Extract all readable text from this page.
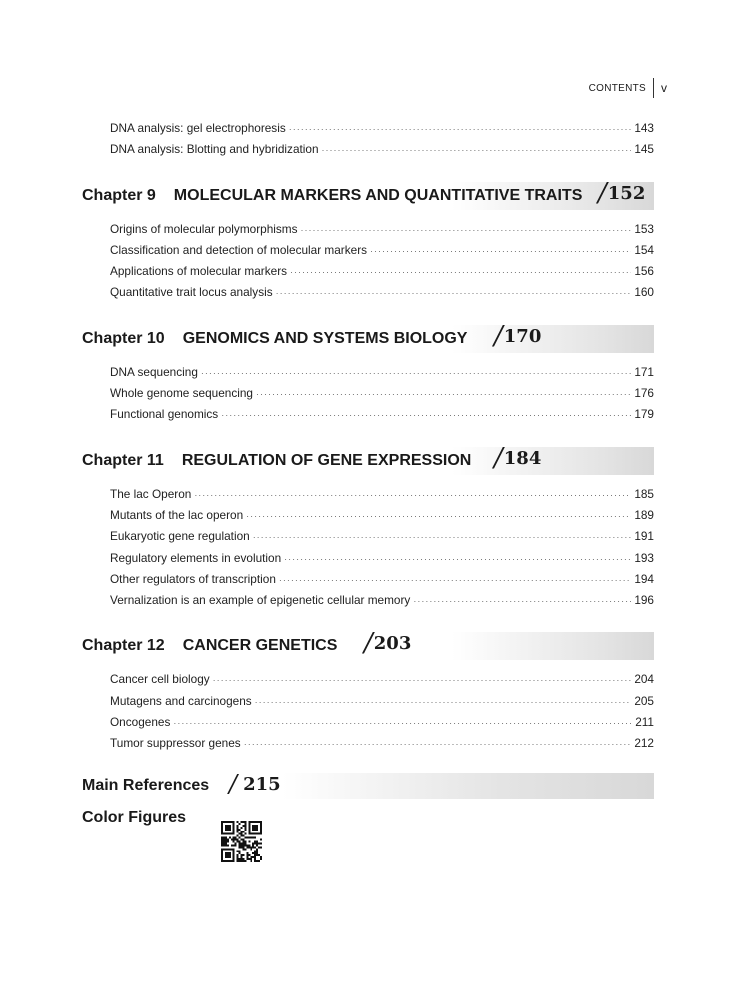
CONTENTS	v
DNA analysis: gel electrophoresis ·····	143
DNA analysis: Blotting and hybridization ·····	145
Chapter 9 MOLECULAR MARKERS AND QUANTITATIVE TRAITS /152
Origins of molecular polymorphisms ·····	153
Classification and detection of molecular markers ·····	154
Applications of molecular markers ·····	156
Quantitative trait locus analysis ·····	160
Chapter 10 GENOMICS AND SYSTEMS BIOLOGY /170
DNA sequencing ·····	171
Whole genome sequencing ·····	176
Functional genomics ·····	179
Chapter 11 REGULATION OF GENE EXPRESSION /184
The lac Operon ·····	185
Mutants of the lac operon ·····	189
Eukaryotic gene regulation ·····	191
Regulatory elements in evolution ·····	193
Other regulators of transcription ·····	194
Vernalization is an example of epigenetic cellular memory ·····	196
Chapter 12 CANCER GENETICS /203
Cancer cell biology ·····	204
Mutagens and carcinogens ·····	205
Oncogenes ·····	211
Tumor suppressor genes ·····	212
Main References / 215
Color Figures
